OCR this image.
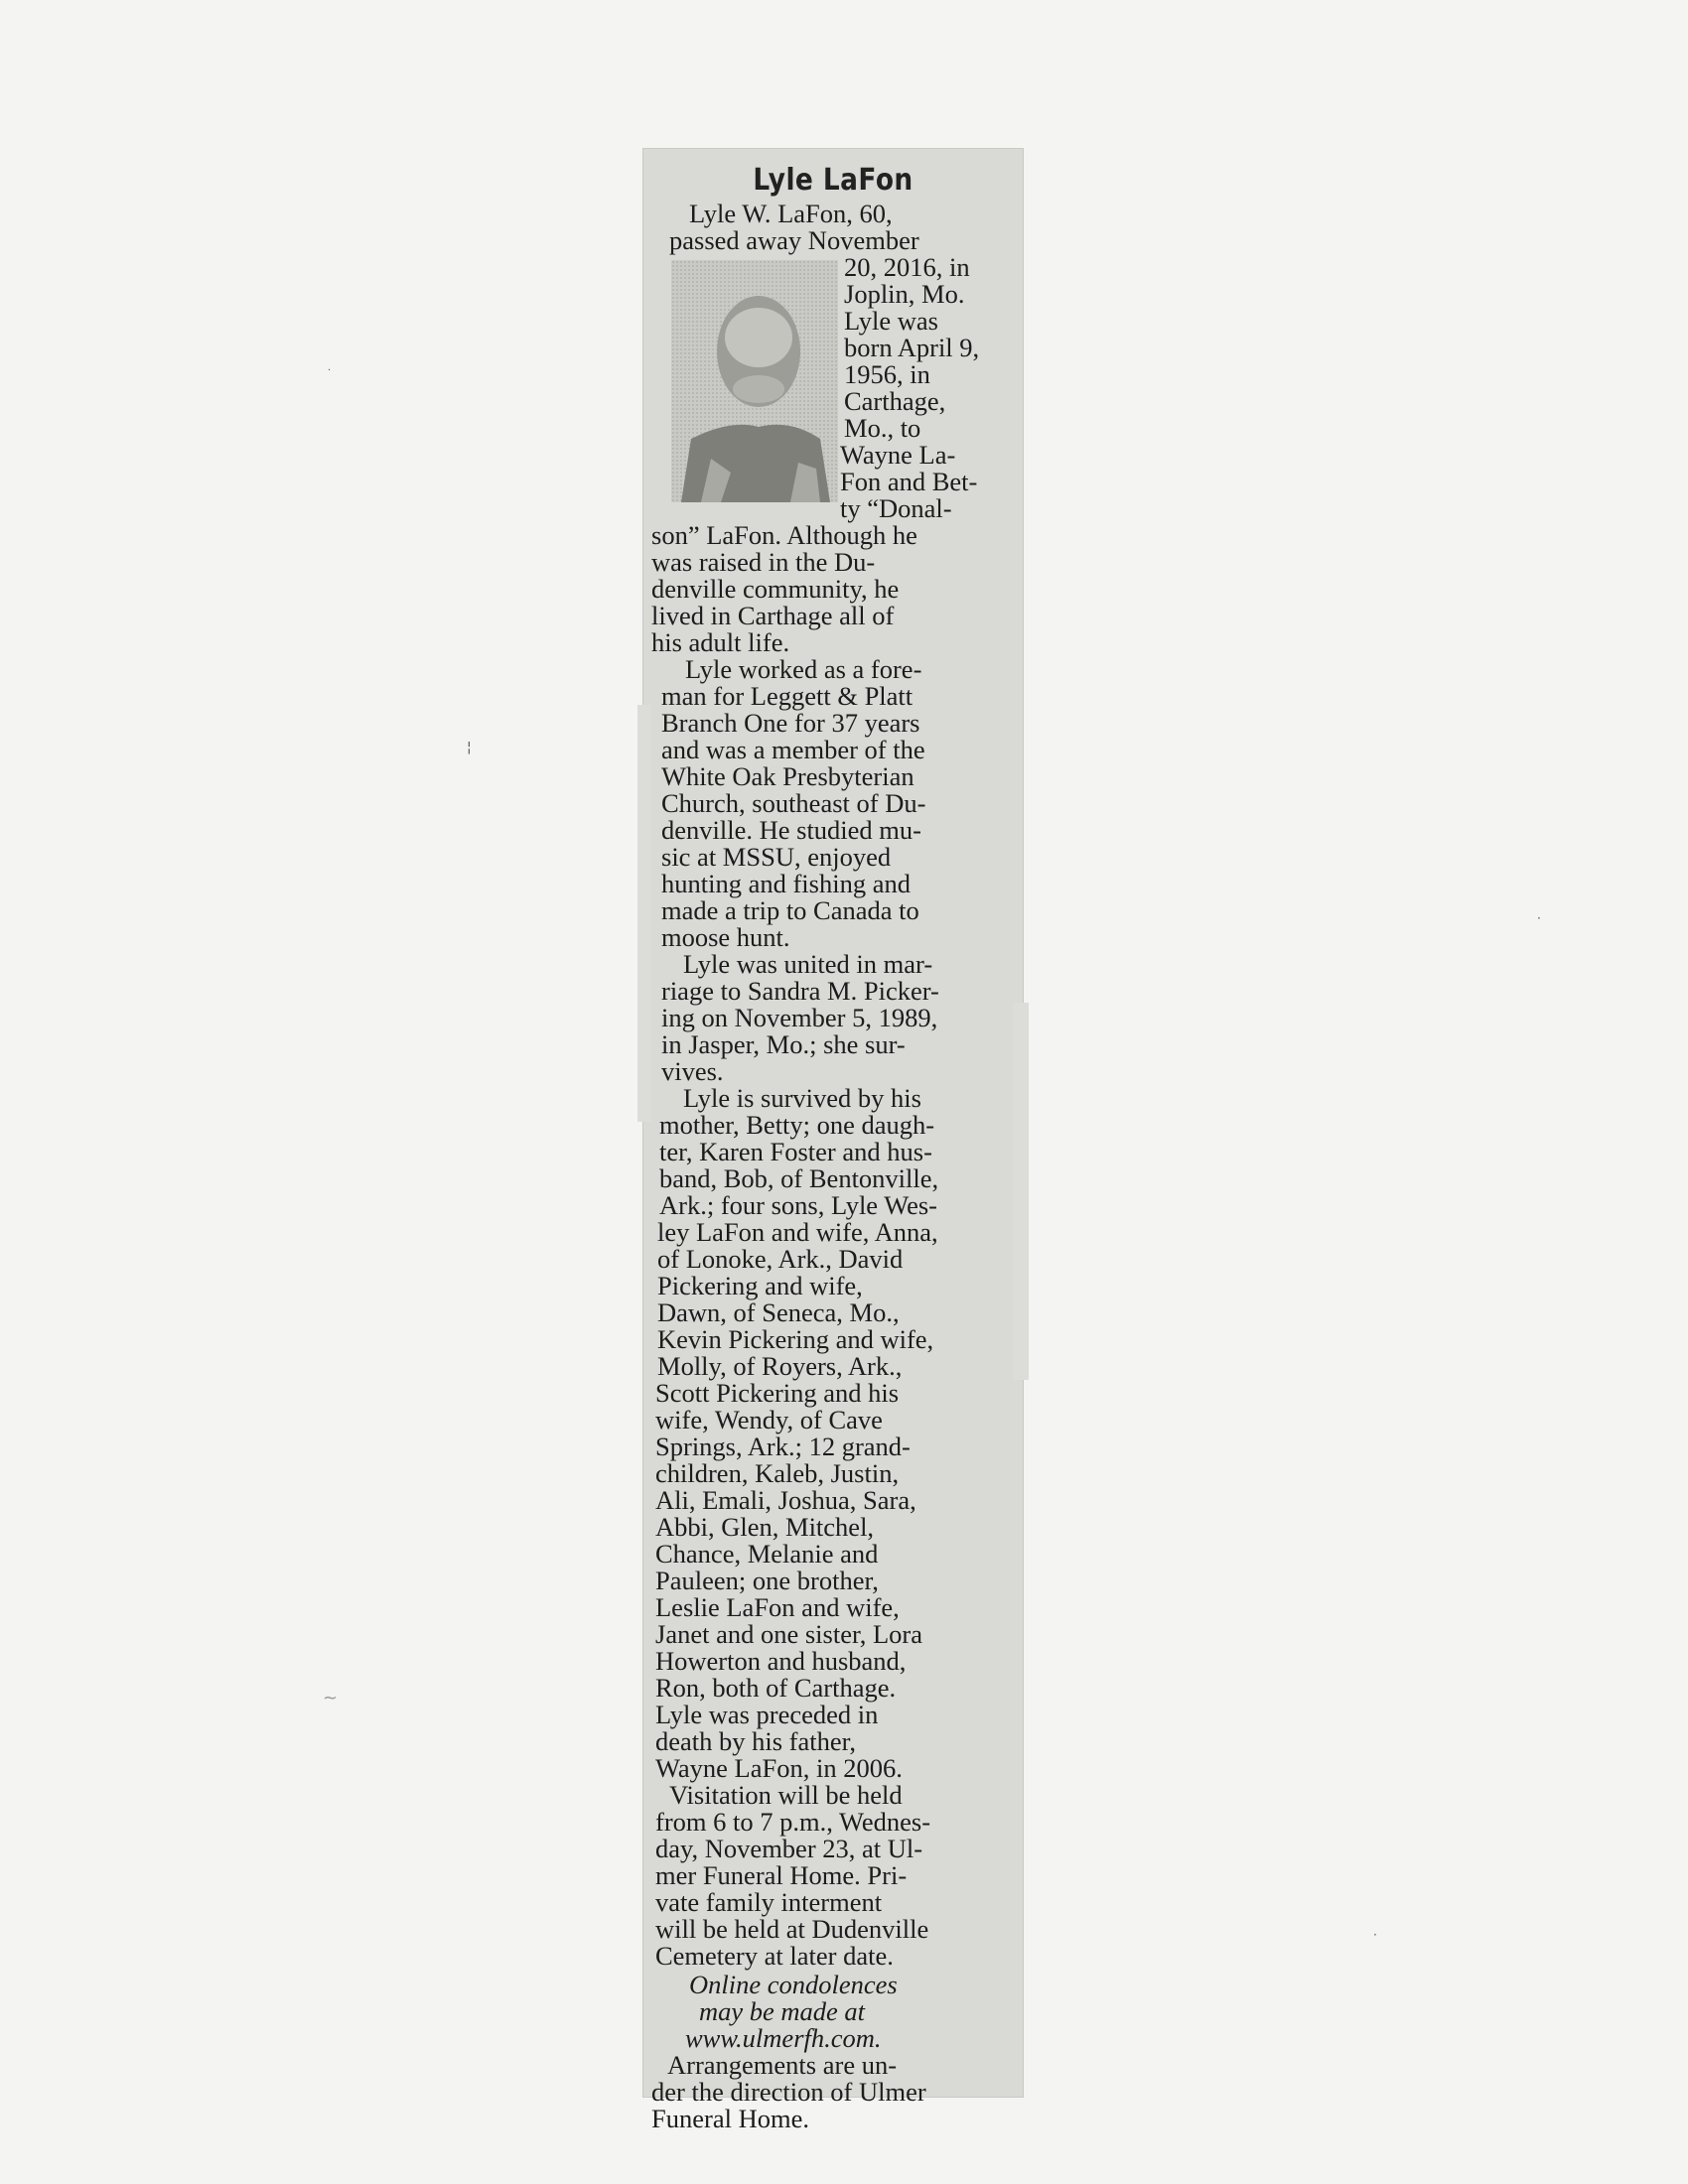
Lyle LaFon
Lyle W. LaFon, 60,
passed away November
20, 2016, in
Joplin, Mo.
Lyle was
born April 9,
1956, in
Carthage,
Mo., to
Wayne La-
Fon and Bet-
ty “Donal-
son” LaFon. Although he
was raised in the Du-
denville community, he
lived in Carthage all of
his adult life.
Lyle worked as a fore-
man for Leggett & Platt
Branch One for 37 years
and was a member of the
White Oak Presbyterian
Church, southeast of Du-
denville. He studied mu-
sic at MSSU, enjoyed
hunting and fishing and
made a trip to Canada to
moose hunt.
Lyle was united in mar-
riage to Sandra M. Picker-
ing on November 5, 1989,
in Jasper, Mo.; she sur-
vives.
Lyle is survived by his
mother, Betty; one daugh-
ter, Karen Foster and hus-
band, Bob, of Bentonville,
Ark.; four sons, Lyle Wes-
ley LaFon and wife, Anna,
of Lonoke, Ark., David
Pickering and wife,
Dawn, of Seneca, Mo.,
Kevin Pickering and wife,
Molly, of Royers, Ark.,
Scott Pickering and his
wife, Wendy, of Cave
Springs, Ark.; 12 grand-
children, Kaleb, Justin,
Ali, Emali, Joshua, Sara,
Abbi, Glen, Mitchel,
Chance, Melanie and
Pauleen; one brother,
Leslie LaFon and wife,
Janet and one sister, Lora
Howerton and husband,
Ron, both of Carthage.
Lyle was preceded in
death by his father,
Wayne LaFon, in 2006.
Visitation will be held
from 6 to 7 p.m., Wednes-
day, November 23, at Ul-
mer Funeral Home. Pri-
vate family interment
will be held at Dudenville
Cemetery at later date.
Online condolences
may be made at
www.ulmerfh.com.
Arrangements are un-
der the direction of Ulmer
Funeral Home.
·
¦
·
~
·
